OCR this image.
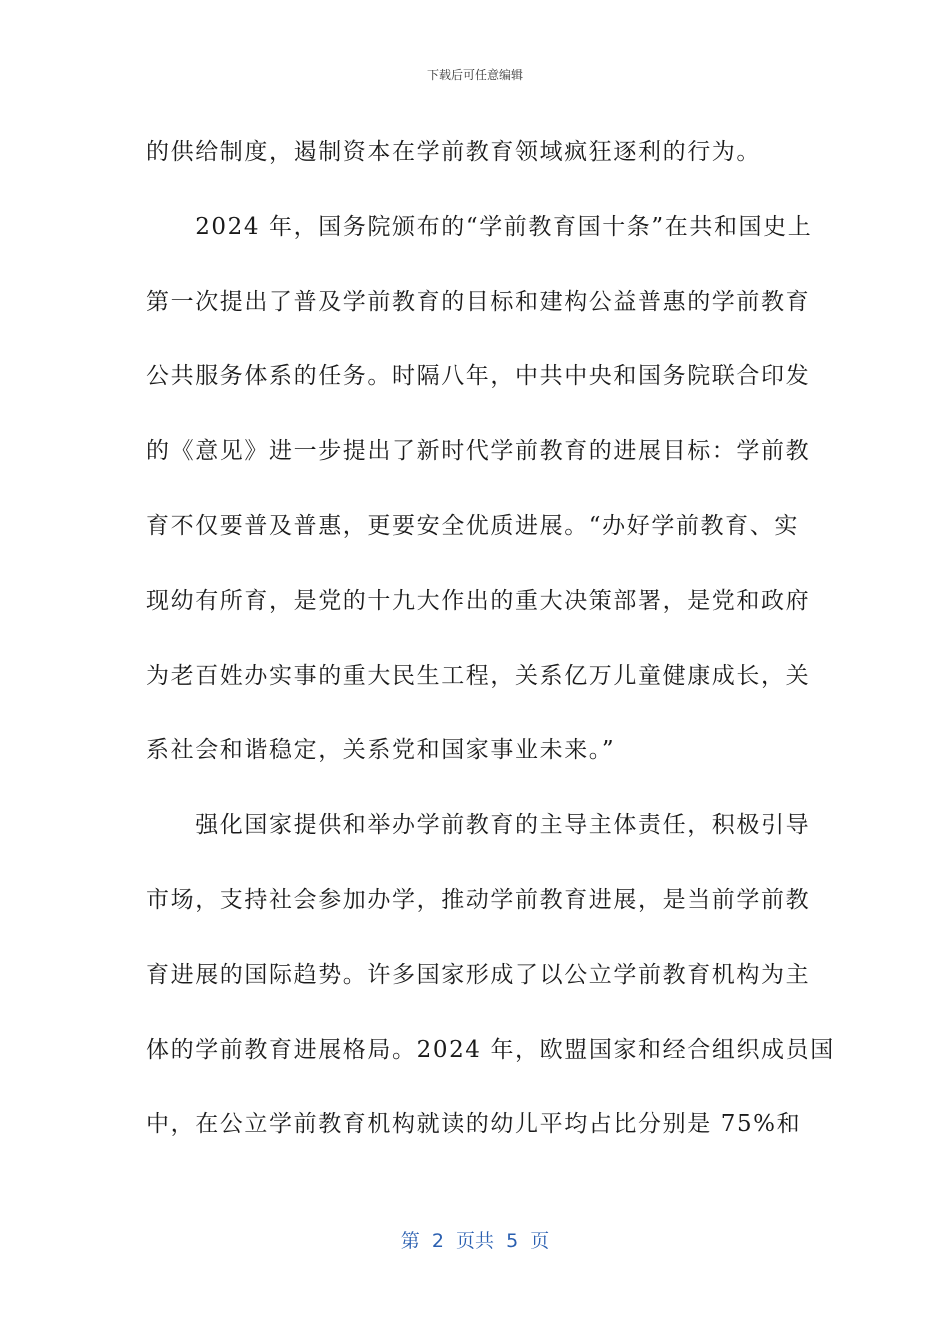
下载后可任意编辑
的供给制度，遏制资本在学前教育领域疯狂逐利的行为。
　　2024 年，国务院颁布的“学前教育国十条”在共和国史上
第一次提出了普及学前教育的目标和建构公益普惠的学前教育
公共服务体系的任务。时隔八年，中共中央和国务院联合印发
的《意见》进一步提出了新时代学前教育的进展目标：学前教
育不仅要普及普惠，更要安全优质进展。“办好学前教育、实
现幼有所育，是党的十九大作出的重大决策部署，是党和政府
为老百姓办实事的重大民生工程，关系亿万儿童健康成长，关
系社会和谐稳定，关系党和国家事业未来。”
　　强化国家提供和举办学前教育的主导主体责任，积极引导
市场，支持社会参加办学，推动学前教育进展，是当前学前教
育进展的国际趋势。许多国家形成了以公立学前教育机构为主
体的学前教育进展格局。2024 年，欧盟国家和经合组织成员国
中，在公立学前教育机构就读的幼儿平均占比分别是 75%和
第  2  页共  5  页
